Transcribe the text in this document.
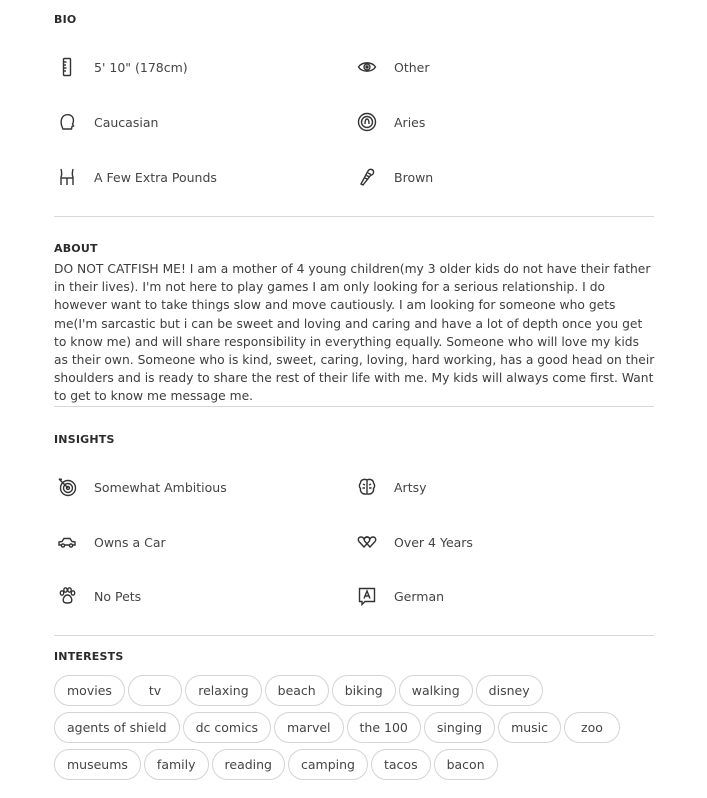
BIO
5' 10" (178cm)	Other
Caucasian	Aries
A Few Extra Pounds	Brown
ABOUT
DO NOT CATFISH ME! I am a mother of 4 young children(my 3 older kids do not have their father in their lives). I'm not here to play games I am only looking for a serious relationship. I do however want to take things slow and move cautiously. I am looking for someone who gets me(I'm sarcastic but i can be sweet and loving and caring and have a lot of depth once you get to know me) and will share responsibility in everything equally. Someone who will love my kids as their own. Someone who is kind, sweet, caring, loving, hard working, has a good head on their shoulders and is ready to share the rest of their life with me. My kids will always come first. Want to get to know me message me.
INSIGHTS
Somewhat Ambitious	Artsy
Owns a Car	Over 4 Years
No Pets	German
INTERESTS
movies	tv	relaxing	beach	biking	walking	disney
agents of shield	dc comics	marvel	the 100	singing	music	zoo
museums	family	reading	camping	tacos	bacon
